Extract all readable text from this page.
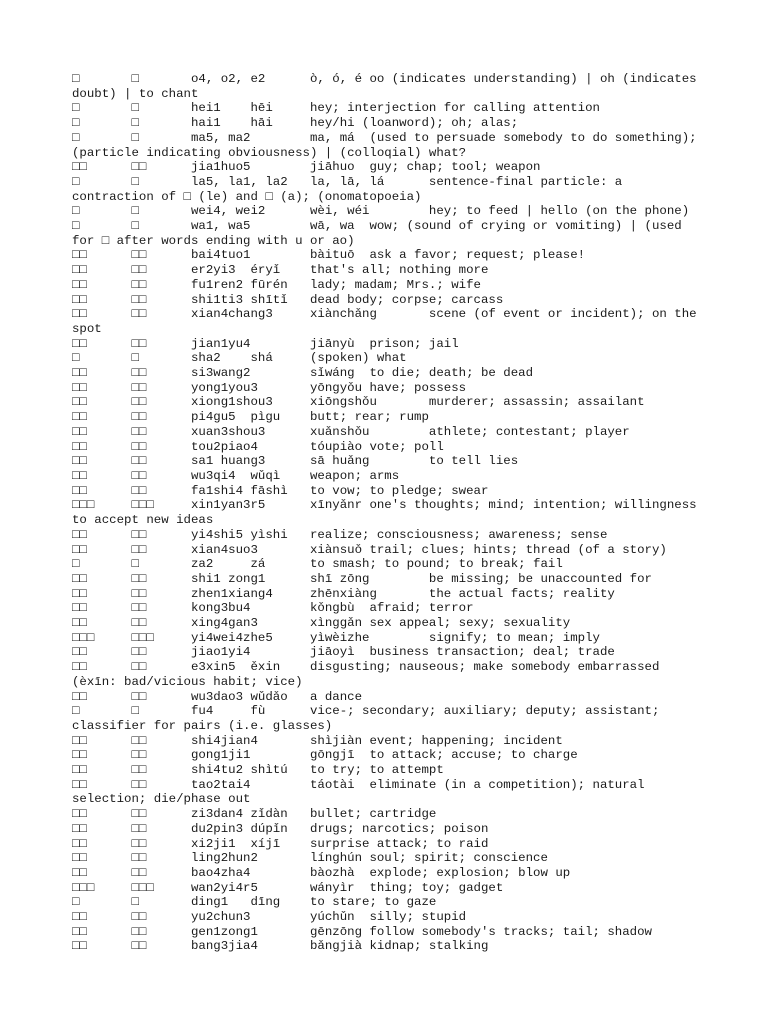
□	□	o4, o2, e2	ò, ó, é	oo (indicates understanding) | oh (indicates doubt) | to chant
□	□	hei1	hēi	hey; interjection for calling attention
□	□	hai1	hāi	hey/hi (loanword); oh; alas;
□	□	ma5, ma2	ma, má	(used to persuade somebody to do something); (particle indicating obviousness) | (colloqial) what?
□□	□□	jia1huo5	jiāhuo	guy; chap; tool; weapon
□	□	la5, la1, la2	la, lā, lá	sentence-final particle: a contraction of □ (le) and □ (a); (onomatopoeia)
□	□	wei4, wei2	wèi, wéi	hey; to feed | hello (on the phone)
□	□	wa1, wa5	wā, wa	wow; (sound of crying or vomiting) | (used for □ after words ending with u or ao)
□□	□□	bai4tuo1	bàituō	ask a favor; request; please!
□□	□□	er2yi3	éryǐ	that's all; nothing more
□□	□□	fu1ren2	fūrén	lady; madam; Mrs.; wife
□□	□□	shi1ti3	shītǐ	dead body; corpse; carcass
□□	□□	xian4chang3	xiànchǎng	scene (of event or incident); on the spot
□□	□□	jian1yu4	jiānyù	prison; jail
□	□	sha2	shá	(spoken) what
□□	□□	si3wang2	sǐwáng	to die; death; be dead
□□	□□	yong1you3	yōngyǒu	have; possess
□□	□□	xiong1shou3	xiōngshǒu	murderer; assassin; assailant
□□	□□	pi4gu5	pìgu	butt; rear; rump
□□	□□	xuan3shou3	xuǎnshǒu	athlete; contestant; player
□□	□□	tou2piao4	tóupiào	vote; poll
□□	□□	sa1 huang3	sā huǎng	to tell lies
□□	□□	wu3qi4	wǔqì	weapon; arms
□□	□□	fa1shi4	fāshì	to vow; to pledge; swear
□□□	□□□	xin1yan3r5	xīnyǎnr	one's thoughts; mind; intention; willingness to accept new ideas
□□	□□	yi4shi5	yìshi	realize; consciousness; awareness; sense
□□	□□	xian4suo3	xiànsuǒ	trail; clues; hints; thread (of a story)
□	□	za2	zá	to smash; to pound; to break; fail
□□	□□	shi1 zong1	shī zōng	be missing; be unaccounted for
□□	□□	zhen1xiang4	zhēnxiàng	the actual facts; reality
□□	□□	kong3bu4	kǒngbù	afraid; terror
□□	□□	xing4gan3	xìnggǎn	sex appeal; sexy; sexuality
□□□	□□□	yi4wei4zhe5	yìwèizhe	signify; to mean; imply
□□	□□	jiao1yi4	jiāoyì	business transaction; deal; trade
□□	□□	e3xin5	ěxin	disgusting; nauseous; make somebody embarrassed (èxīn: bad/vicious habit; vice)
□□	□□	wu3dao3	wǔdǎo	a dance
□	□	fu4	fù	vice-; secondary; auxiliary; deputy; assistant; classifier for pairs (i.e. glasses)
□□	□□	shi4jian4	shìjiàn	event; happening; incident
□□	□□	gong1ji1	gōngjī	to attack; accuse; to charge
□□	□□	shi4tu2	shìtú	to try; to attempt
□□	□□	tao2tai4	táotài	eliminate (in a competition); natural selection; die/phase out
□□	□□	zi3dan4	zǐdàn	bullet; cartridge
□□	□□	du2pin3	dúpǐn	drugs; narcotics; poison
□□	□□	xi2ji1	xíjī	surprise attack; to raid
□□	□□	ling2hun2	línghún	soul; spirit; conscience
□□	□□	bao4zha4	bàozhà	explode; explosion; blow up
□□□	□□□	wan2yi4r5	wányìr	thing; toy; gadget
□	□	ding1	dīng	to stare; to gaze
□□	□□	yu2chun3	yúchǔn	silly; stupid
□□	□□	gen1zong1	gēnzōng	follow somebody's tracks; tail; shadow
□□	□□	bang3jia4	bǎngjià	kidnap; stalking
